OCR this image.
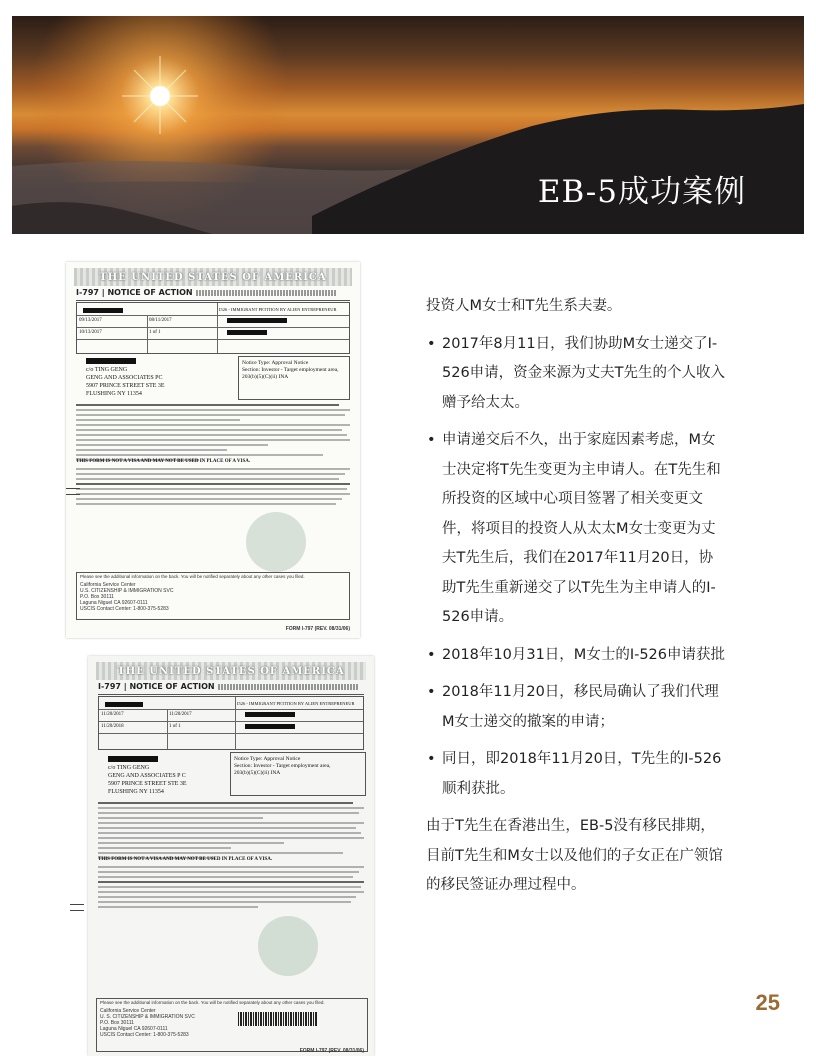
EB-5成功案例
THE UNITED STATES OF AMERICA
I-797 | NOTICE OF ACTION
I526 - IMMIGRANT PETITION BY ALIEN ENTREPRENEUR
09/13/2017	08/11/2017
10/13/2017	1 of 1
c/o TING GENG
GENG AND ASSOCIATES PC
5907 PRINCE STREET STE 3E
FLUSHING NY 11354
Notice Type: Approval Notice
Section: Investor - Target employment area,
203(b)(5)(C)(ii) INA
THIS FORM IS NOT A VISA AND MAY NOT BE USED IN PLACE OF A VISA.
Please see the additional information on the back. You will be notified separately about any other cases you filed.
California Service Center
U.S. CITIZENSHIP & IMMIGRATION SVC
P.O. Box 30111
Laguna Niguel CA 92607-0111
USCIS Contact Center: 1-800-375-5283
FORM I-797 (REV. 08/31/06)
THE UNITED STATES OF AMERICA
I-797 | NOTICE OF ACTION
I526 - IMMIGRANT PETITION BY ALIEN ENTREPRENEUR
11/20/2017	11/20/2017
11/20/2018	1 of 1
c/o TING GENG
GENG AND ASSOCIATES P C
5907 PRINCE STREET STE 3E
FLUSHING NY 11354
Notice Type: Approval Notice
Section: Investor - Target employment area,
203(b)(5)(C)(ii) INA
THIS FORM IS NOT A VISA AND MAY NOT BE USED IN PLACE OF A VISA.
Please see the additional information on the back. You will be notified separately about any other cases you filed.
California Service Center
U. S. CITIZENSHIP & IMMIGRATION SVC
P.O. Box 30111
Laguna Niguel CA 92607-0111
USCIS Contact Center: 1-800-375-5283
FORM I-797 (REV. 08/31/06)

投资人M女士和T先生系夫妻。

• 2017年8月11日，我们协助M女士递交了I-526申请，资金来源为丈夫T先生的个人收入赠予给太太。
• 申请递交后不久，出于家庭因素考虑，M女士决定将T先生变更为主申请人。在T先生和所投资的区域中心项目签署了相关变更文件，将项目的投资人从太太M女士变更为丈夫T先生后，我们在2017年11月20日，协助T先生重新递交了以T先生为主申请人的I-526申请。
• 2018年10月31日，M女士的I-526申请获批
• 2018年11月20日，移民局确认了我们代理M女士递交的撤案的申请；
• 同日，即2018年11月20日，T先生的I-526顺利获批。

由于T先生在香港出生，EB-5没有移民排期，目前T先生和M女士以及他们的子女正在广领馆的移民签证办理过程中。

25
